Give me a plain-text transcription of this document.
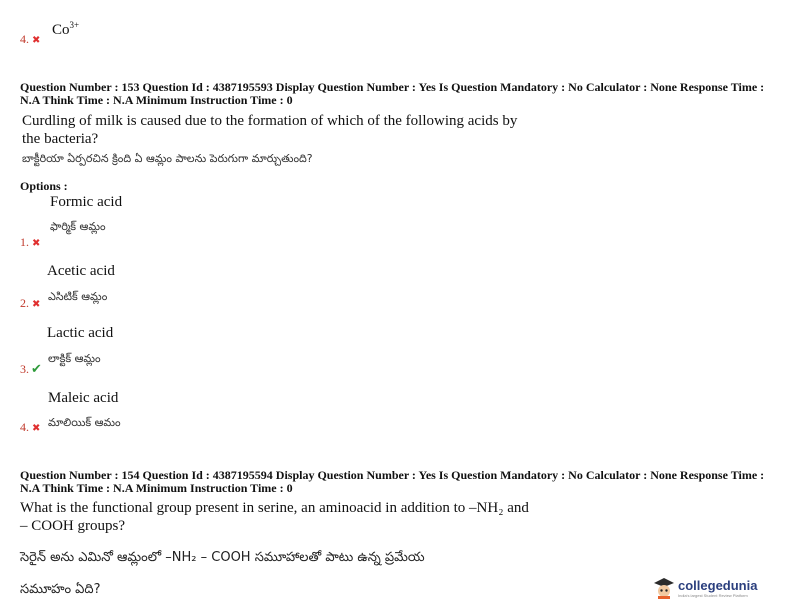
4. ✖
$Co^{3+}$
Question Number : 153 Question Id : 4387195593 Display Question Number : Yes Is Question Mandatory : No Calculator : None Response Time :
N.A Think Time : N.A Minimum Instruction Time : 0
Curdling of milk is caused due to the formation of which of the following acids by
the bacteria?
బాక్టీరియా ఏర్పరచిన క్రింది ఏ ఆమ్లం పాలను పెరుగుగా మార్చుతుంది?
Options :
Formic acid
ఫార్మిక్ ఆమ్లం
1. ✖
Acetic acid
2. ✖
ఎసిటిక్ ఆమ్లం
Lactic acid
లాక్టిక్ ఆమ్లం
3. ✔
Maleic acid
4. ✖ మాలియిక్ ఆమం
Question Number : 154 Question Id : 4387195594 Display Question Number : Yes Is Question Mandatory : No Calculator : None Response Time :
N.A Think Time : N.A Minimum Instruction Time : 0
What is the functional group present in serine, an aminoacid in addition to –NH₂ and
– COOH groups?
సెరైన్ అను ఎమినో ఆమ్లంలో –NH₂ – COOH సమూహాలతో పాటు ఉన్న ప్రమేయ
సమూహం ఏది?	collegedunia
India's largest Student Review Platform
